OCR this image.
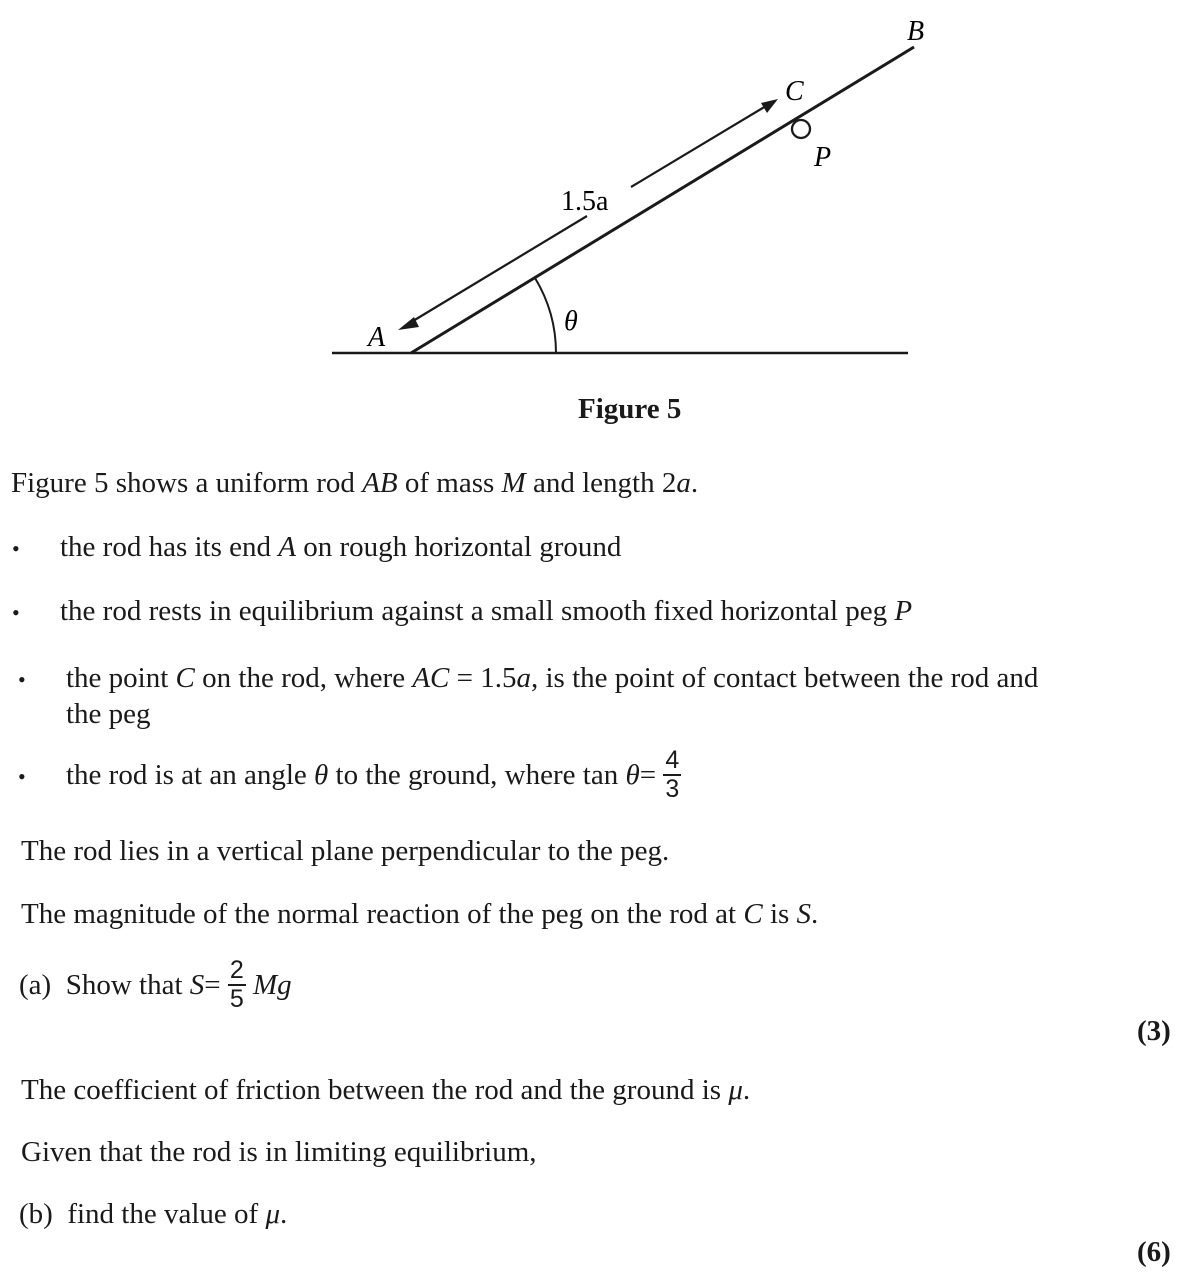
B
C
P
1.5a
θ
A
Figure 5
Figure 5 shows a uniform rod AB of mass M and length 2a.
• the rod has its end A on rough horizontal ground
• the rod rests in equilibrium against a small smooth fixed horizontal peg P
• the point C on the rod, where AC = 1.5a, is the point of contact between the rod and
the peg
• the rod is at an angle
θ
to the ground, where
tan
θ =
$\frac{4}{3}$
The rod lies in a vertical plane perpendicular to the peg.
The magnitude of the normal reaction of the peg on the rod at C is S.
(a)
Show that
S =
$\frac{2}{5}$
Mg
(3)
The coefficient of friction between the rod and the ground is μ.
Given that the rod is in limiting equilibrium,
(b) find the value of μ.
(6)
